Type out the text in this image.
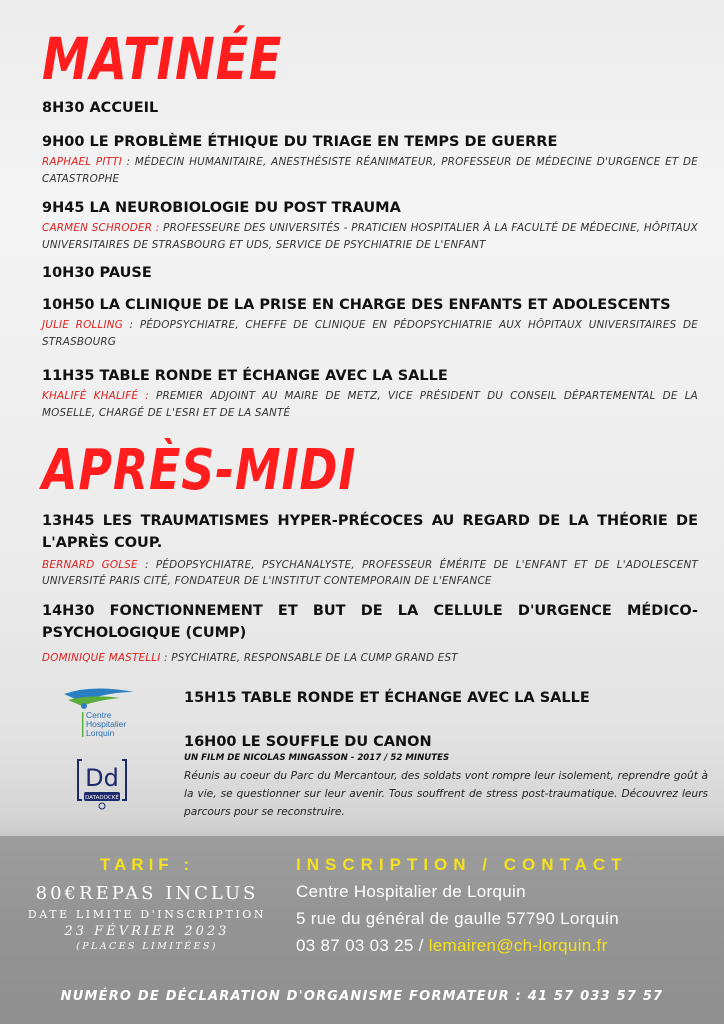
MATINÉE
8H30 ACCUEIL
9H00 LE PROBLÈME ÉTHIQUE DU TRIAGE EN TEMPS DE GUERRE
RAPHAEL PITTI : MÉDECIN HUMANITAIRE, ANESTHÉSISTE RÉANIMATEUR, PROFESSEUR DE MÉDECINE D'URGENCE ET DE CATASTROPHE
9H45 LA NEUROBIOLOGIE DU POST TRAUMA
CARMEN SCHRODER : PROFESSEURE DES UNIVERSITÉS - PRATICIEN HOSPITALIER À LA FACULTÉ DE MÉDECINE, HÔPITAUX UNIVERSITAIRES DE STRASBOURG ET UDS, SERVICE DE PSYCHIATRIE DE L'ENFANT
10H30 PAUSE
10H50 LA CLINIQUE DE LA PRISE EN CHARGE DES ENFANTS ET ADOLESCENTS
JULIE ROLLING : PÉDOPSYCHIATRE, CHEFFE DE CLINIQUE EN PÉDOPSYCHIATRIE AUX HÔPITAUX UNIVERSITAIRES DE STRASBOURG
11H35 TABLE RONDE ET ÉCHANGE AVEC LA SALLE
KHALIFÉ KHALIFÉ : PREMIER ADJOINT AU MAIRE DE METZ, VICE PRÉSIDENT DU CONSEIL DÉPARTEMENTAL DE LA MOSELLE, CHARGÉ DE L'ESRI ET DE LA SANTÉ
APRÈS-MIDI
13H45 LES TRAUMATISMES HYPER-PRÉCOCES AU REGARD DE LA THÉORIE DE L'APRÈS COUP.
BERNARD GOLSE : PÉDOPSYCHIATRE, PSYCHANALYSTE, PROFESSEUR ÉMÉRITE DE L'ENFANT ET DE L'ADOLESCENT UNIVERSITÉ PARIS CITÉ, FONDATEUR DE L'INSTITUT CONTEMPORAIN DE L'ENFANCE
14H30 FONCTIONNEMENT ET BUT DE LA CELLULE D'URGENCE MÉDICO-PSYCHOLOGIQUE (CUMP)
DOMINIQUE MASTELLI : PSYCHIATRE, RESPONSABLE DE LA CUMP GRAND EST
Centre
Hospitalier
Lorquin
Dd
DATADOCKÉ
15H15 TABLE RONDE ET ÉCHANGE AVEC LA SALLE
16H00 LE SOUFFLE DU CANON
UN FILM DE NICOLAS MINGASSON - 2017 / 52 MINUTES
Réunis au coeur du Parc du Mercantour, des soldats vont rompre leur isolement, reprendre goût à la vie, se questionner sur leur avenir. Tous souffrent de stress post-traumatique. Découvrez leurs parcours pour se reconstruire.
TARIF :
80€REPAS INCLUS
DATE LIMITE D'INSCRIPTION
23 FÉVRIER 2023
(PLACES LIMITÉES)
INSCRIPTION / CONTACT
Centre Hospitalier de Lorquin
5 rue du général de gaulle 57790 Lorquin
03 87 03 03 25 / lemairen@ch-lorquin.fr
NUMÉRO DE DÉCLARATION D'ORGANISME FORMATEUR : 41 57 033 57 57
